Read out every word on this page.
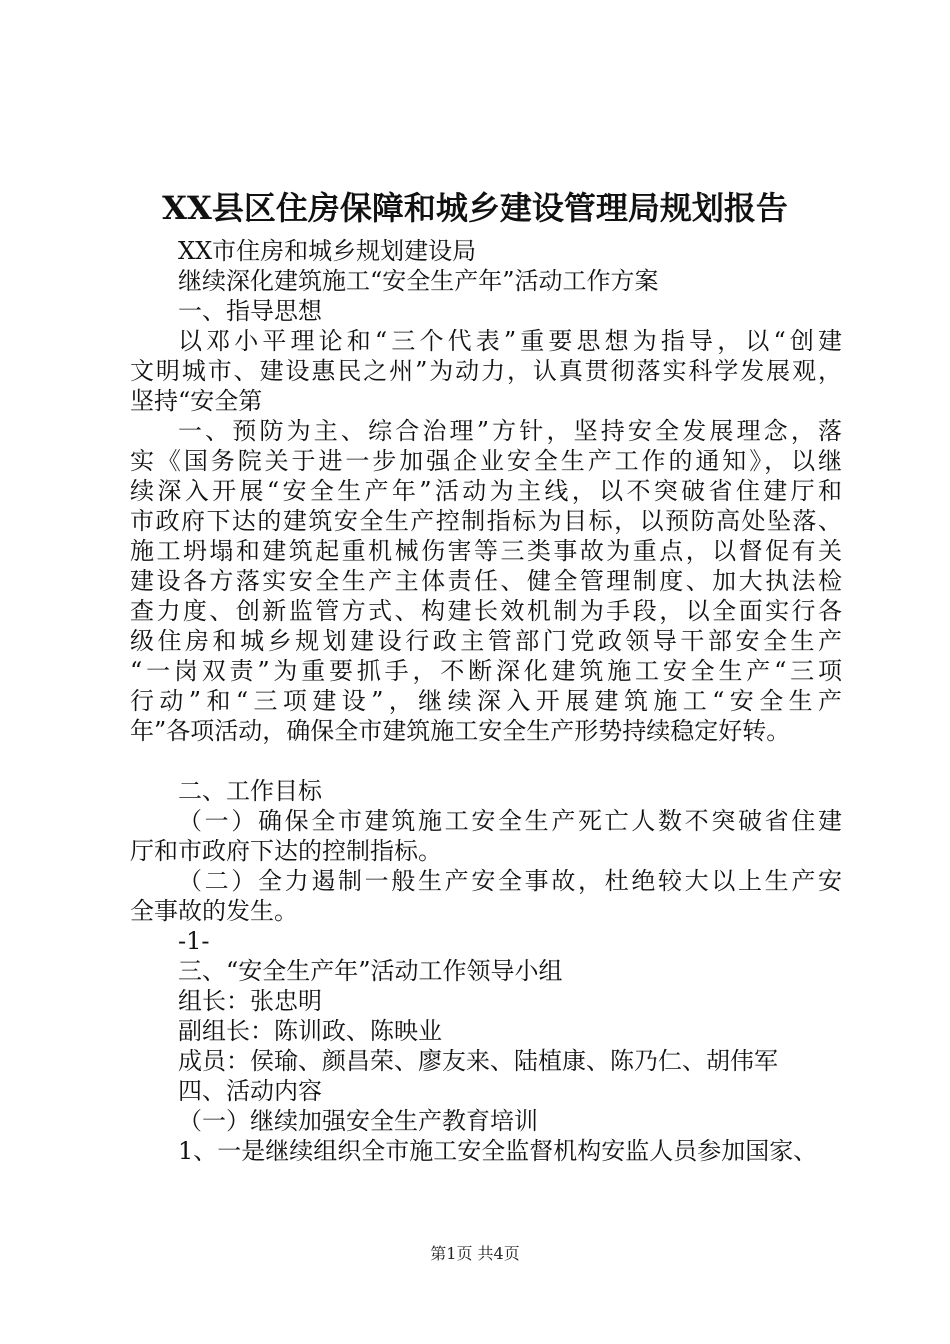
XX县区住房保障和城乡建设管理局规划报告
XX市住房和城乡规划建设局
继续深化建筑施工“安全生产年”活动工作方案
一、指导思想
以邓小平理论和“三个代表”重要思想为指导，以“创建
文明城市、建设惠民之州”为动力，认真贯彻落实科学发展观，
坚持“安全第
一、预防为主、综合治理”方针，坚持安全发展理念，落
实《国务院关于进一步加强企业安全生产工作的通知》，以继
续深入开展“安全生产年”活动为主线，以不突破省住建厅和
市政府下达的建筑安全生产控制指标为目标，以预防高处坠落、
施工坍塌和建筑起重机械伤害等三类事故为重点，以督促有关
建设各方落实安全生产主体责任、健全管理制度、加大执法检
查力度、创新监管方式、构建长效机制为手段，以全面实行各
级住房和城乡规划建设行政主管部门党政领导干部安全生产
“一岗双责”为重要抓手，不断深化建筑施工安全生产“三项
行动”和“三项建设”，继续深入开展建筑施工“安全生产
年”各项活动，确保全市建筑施工安全生产形势持续稳定好转。
二、工作目标
（一）确保全市建筑施工安全生产死亡人数不突破省住建
厅和市政府下达的控制指标。
（二）全力遏制一般生产安全事故，杜绝较大以上生产安
全事故的发生。
-1-
三、“安全生产年”活动工作领导小组
组长：张忠明
副组长：陈训政、陈映业
成员：侯瑜、颜昌荣、廖友来、陆植康、陈乃仁、胡伟军
四、活动内容
（一）继续加强安全生产教育培训
1、一是继续组织全市施工安全监督机构安监人员参加国家、
第1页 共4页
